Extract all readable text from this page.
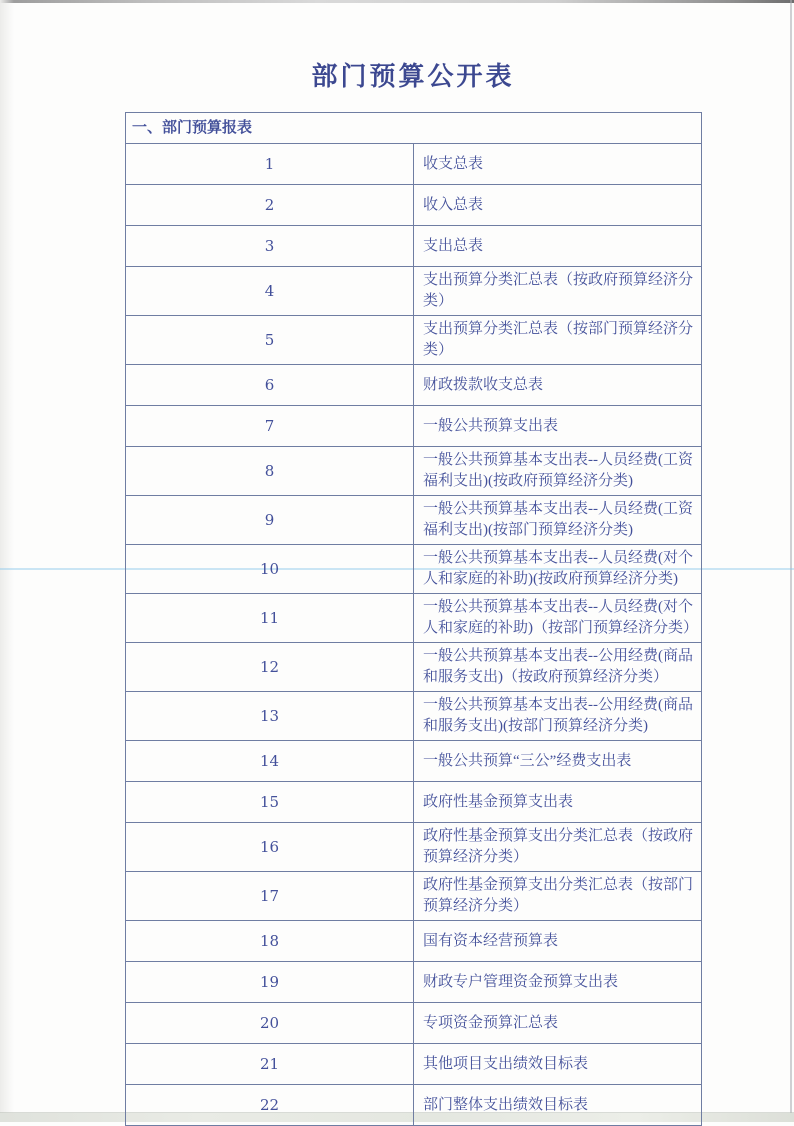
部门预算公开表
一、部门预算报表	
1	收支总表
2	收入总表
3	支出总表
4	支出预算分类汇总表（按政府预算经济分类）
5	支出预算分类汇总表（按部门预算经济分类）
6	财政拨款收支总表
7	一般公共预算支出表
8	一般公共预算基本支出表--人员经费(工资福利支出)(按政府预算经济分类)
9	一般公共预算基本支出表--人员经费(工资福利支出)(按部门预算经济分类)
10	一般公共预算基本支出表--人员经费(对个人和家庭的补助)(按政府预算经济分类)
11	一般公共预算基本支出表--人员经费(对个人和家庭的补助)（按部门预算经济分类）
12	一般公共预算基本支出表--公用经费(商品和服务支出)（按政府预算经济分类）
13	一般公共预算基本支出表--公用经费(商品和服务支出)(按部门预算经济分类)
14	一般公共预算“三公”经费支出表
15	政府性基金预算支出表
16	政府性基金预算支出分类汇总表（按政府预算经济分类）
17	政府性基金预算支出分类汇总表（按部门预算经济分类）
18	国有资本经营预算表
19	财政专户管理资金预算支出表
20	专项资金预算汇总表
21	其他项目支出绩效目标表
22	部门整体支出绩效目标表
